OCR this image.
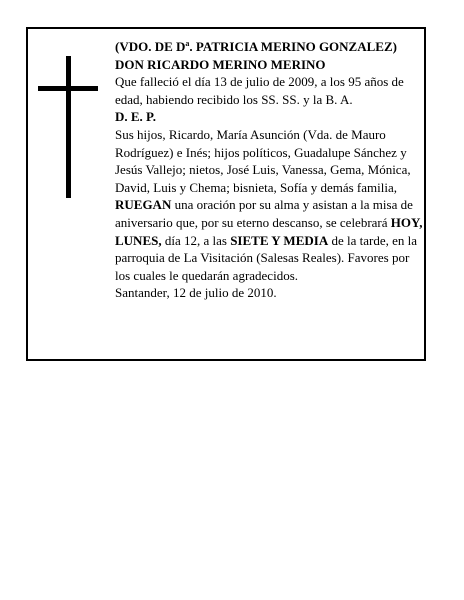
(VDO. DE $D^a$. PATRICIA MERINO GONZALEZ)

DON RICARDO MERINO MERINO

Que falleció el día 13 de julio de 2009, a los 95 años de edad, habiendo recibido los SS. SS. y la B. A.

D. E. P.

Sus hijos, Ricardo, María Asunción (Vda. de Mauro Rodríguez) e Inés; hijos políticos, Guadalupe Sánchez y Jesús Vallejo; nietos, José Luis, Vanessa, Gema, Mónica, David, Luis y Chema; bisnieta, Sofía y demás familia,

RUEGAN una oración por su alma y asistan a la misa de aniversario que, por su eterno descanso, se celebrará HOY, LUNES, día 12, a las SIETE Y MEDIA de la tarde, en la parroquia de La Visitación (Salesas Reales). Favores por los cuales le quedarán agradecidos.

Santander, 12 de julio de 2010.
